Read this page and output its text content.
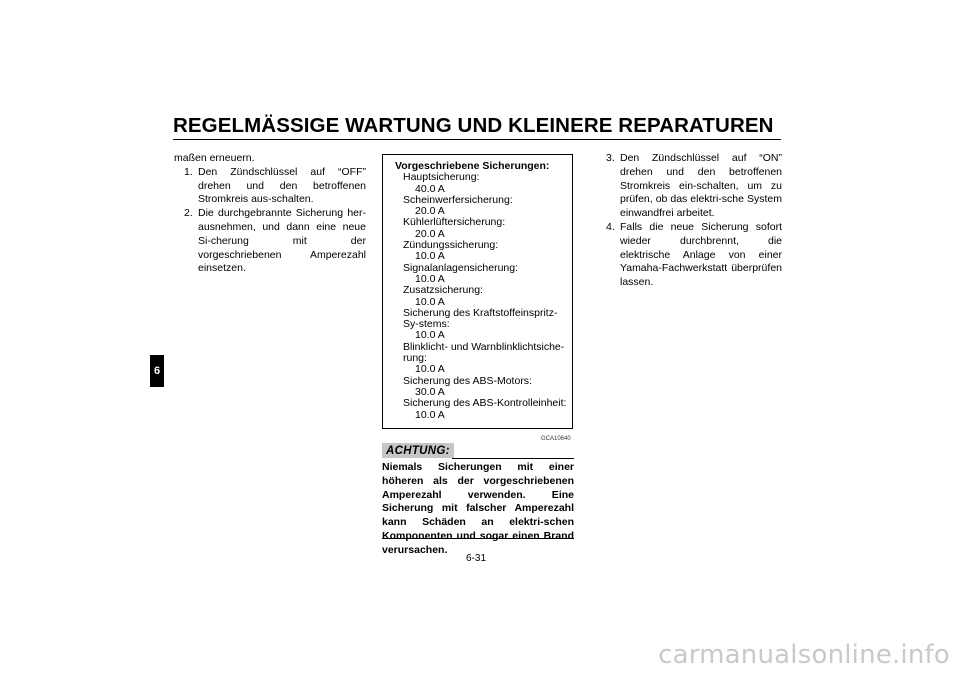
REGELMÄSSIGE WARTUNG UND KLEINERE REPARATUREN
6

maßen erneuern.

1. Den Zündschlüssel auf “OFF” drehen und den betroffenen Stromkreis aus-schalten.
2. Die durchgebrannte Sicherung her-ausnehmen, und dann eine neue Si-cherung mit der vorgeschriebenen Amperezahl einsetzen.
Vorgeschriebene Sicherungen:
Hauptsicherung:
40.0 A
Scheinwerfersicherung:
20.0 A
Kühlerlüftersicherung:
20.0 A
Zündungssicherung:
10.0 A
Signalanlagensicherung:
10.0 A
Zusatzsicherung:
10.0 A
Sicherung des Kraftstoffeinspritz-Sy-stems:
10.0 A
Blinklicht- und Warnblinklichtsiche-rung:
10.0 A
Sicherung des ABS-Motors:
30.0 A
Sicherung des ABS-Kontrolleinheit:
10.0 A
GCA10640
ACHTUNG:
Niemals Sicherungen mit einer höheren als der vorgeschriebenen Amperezahl verwenden. Eine Sicherung mit falscher Amperezahl kann Schäden an elektri-schen Komponenten und sogar einen Brand verursachen.
3. Den Zündschlüssel auf “ON” drehen und den betroffenen Stromkreis ein-schalten, um zu prüfen, ob das elektri-sche System einwandfrei arbeitet.
4. Falls die neue Sicherung sofort wieder durchbrennt, die elektrische Anlage von einer Yamaha-Fachwerkstatt überprüfen lassen.
6-31
carmanualsonline.info
